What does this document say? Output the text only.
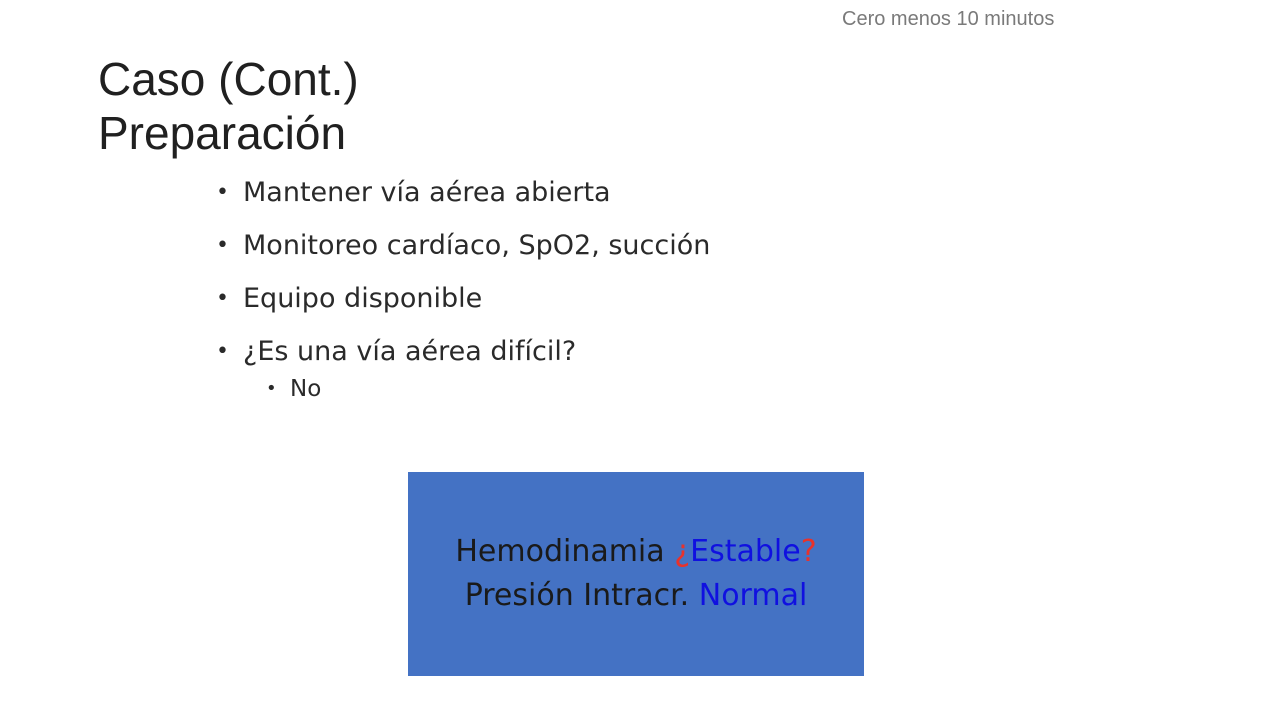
Cero menos 10 minutos
Caso (Cont.)
Preparación
• Mantener vía aérea abierta
• Monitoreo cardíaco, SpO2, succión
• Equipo disponible
• ¿Es una vía aérea difícil?
• No
Hemodinamia ¿Estable?
Presión Intracr. Normal
